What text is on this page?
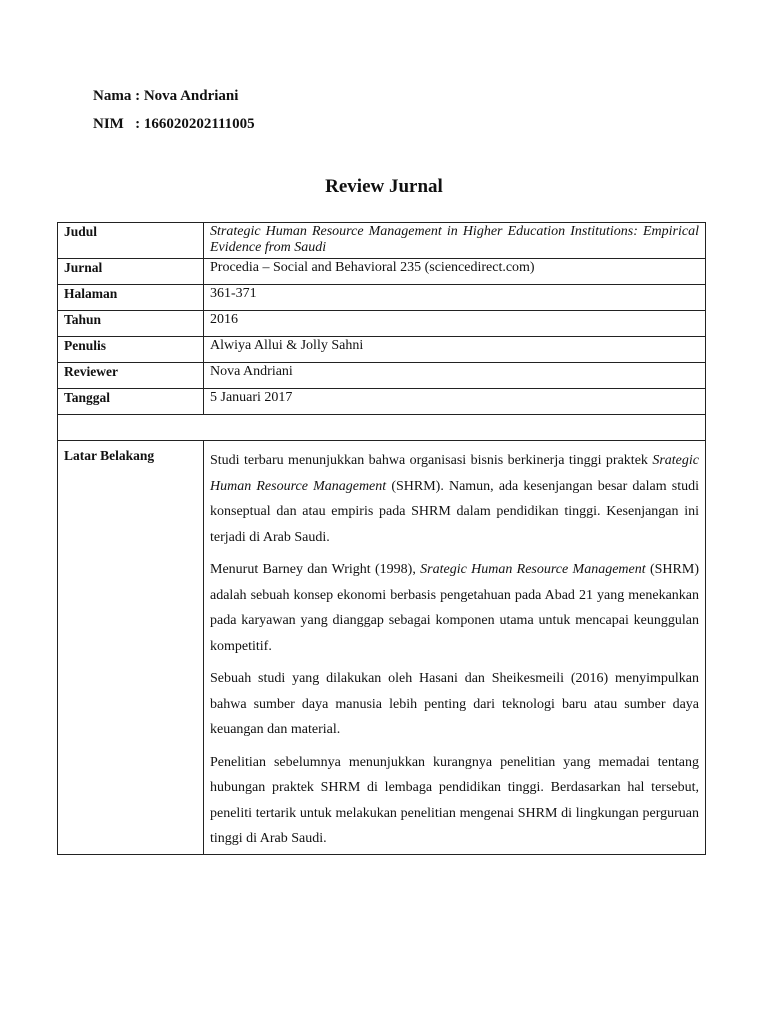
Nama : Nova Andriani
NIM   : 166020202111005
Review Jurnal
Judul	Strategic Human Resource Management in Higher Education Institutions: Empirical Evidence from Saudi
Jurnal	Procedia – Social and Behavioral 235 (sciencedirect.com)
Halaman	361-371
Tahun	2016
Penulis	Alwiya Allui & Jolly Sahni
Reviewer	Nova Andriani
Tanggal	5 Januari 2017

Latar Belakang	Studi terbaru menunjukkan bahwa organisasi bisnis berkinerja tinggi praktek Srategic Human Resource Management (SHRM). Namun, ada kesenjangan besar dalam studi konseptual dan atau empiris pada SHRM dalam pendidikan tinggi. Kesenjangan ini terjadi di Arab Saudi.

Menurut Barney dan Wright (1998), Srategic Human Resource Management (SHRM) adalah sebuah konsep ekonomi berbasis pengetahuan pada Abad 21 yang menekankan pada karyawan yang dianggap sebagai komponen utama untuk mencapai keunggulan kompetitif.

Sebuah studi yang dilakukan oleh Hasani dan Sheikesmeili (2016) menyimpulkan bahwa sumber daya manusia lebih penting dari teknologi baru atau sumber daya keuangan dan material.

Penelitian sebelumnya menunjukkan kurangnya penelitian yang memadai tentang hubungan praktek SHRM di lembaga pendidikan tinggi. Berdasarkan hal tersebut, peneliti tertarik untuk melakukan penelitian mengenai SHRM di lingkungan perguruan tinggi di Arab Saudi.
